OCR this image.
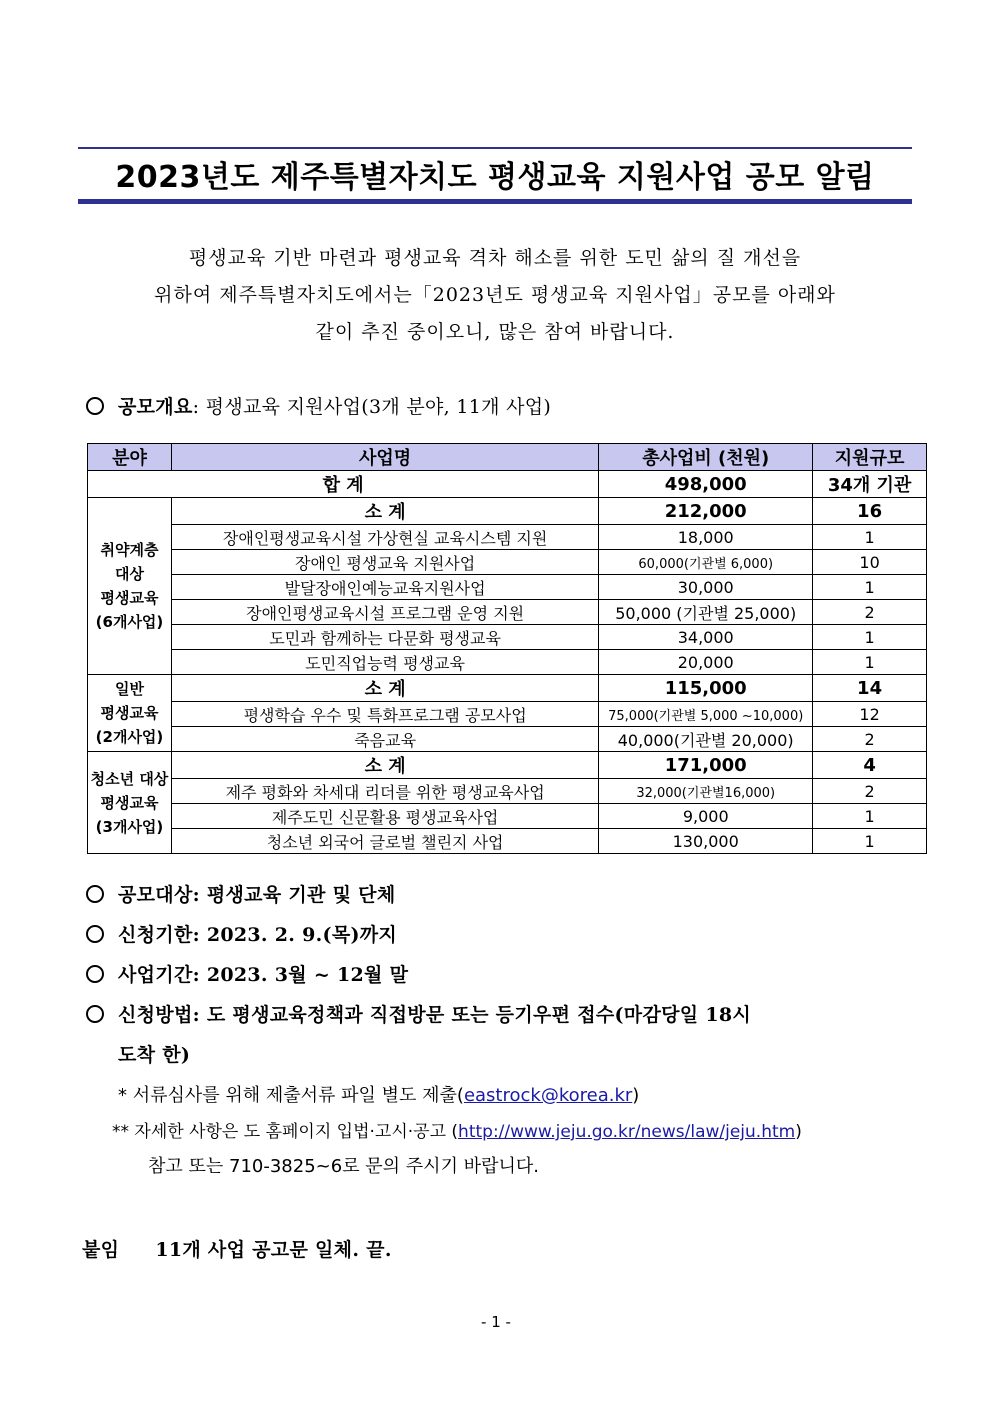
2023년도 제주특별자치도 평생교육 지원사업 공모 알림
평생교육 기반 마련과 평생교육 격차 해소를 위한 도민 삶의 질 개선을
위하여 제주특별자치도에서는「2023년도 평생교육 지원사업」공모를 아래와
같이 추진 중이오니, 많은 참여 바랍니다.
공모개요: 평생교육 지원사업(3개 분야, 11개 사업)
분야	사업명	총사업비 (천원)	지원규모
합 계		498,000	34개 기관

취약계층
대상
평생교육
(6개사업)	소 계	212,000	16
	장애인평생교육시설 가상현실 교육시스템 지원	18,000	1
	장애인 평생교육 지원사업	60,000(기관별 6,000)	10
	발달장애인예능교육지원사업	30,000	1
	장애인평생교육시설 프로그램 운영 지원	50,000 (기관별 25,000)	2
	도민과 함께하는 다문화 평생교육	34,000	1
	도민직업능력 평생교육	20,000	1

일반
평생교육
(2개사업)	소 계	115,000	14
	평생학습 우수 및 특화프로그램 공모사업	75,000(기관별 5,000 ~10,000)	12
	죽음교육	40,000(기관별 20,000)	2

청소년 대상
평생교육
(3개사업)	소 계	171,000	4
	제주 평화와 차세대 리더를 위한 평생교육사업	32,000(기관별16,000)	2
	제주도민 신문활용 평생교육사업	9,000	1
	청소년 외국어 글로벌 챌린지 사업	130,000	1
공모대상: 평생교육 기관 및 단체
신청기한: 2023. 2. 9.(목)까지
사업기간: 2023. 3월 ~ 12월 말
신청방법: 도 평생교육정책과 직접방문 또는 등기우편 접수(마감당일 18시
도착 한)
* 서류심사를 위해 제출서류 파일 별도 제출(eastrock@korea.kr)
** 자세한 사항은 도 홈페이지 입법·고시·공고 (http://www.jeju.go.kr/news/law/jeju.htm)
참고 또는 710-3825~6로 문의 주시기 바랍니다.
붙임 11개 사업 공고문 일체. 끝.
- 1 -
